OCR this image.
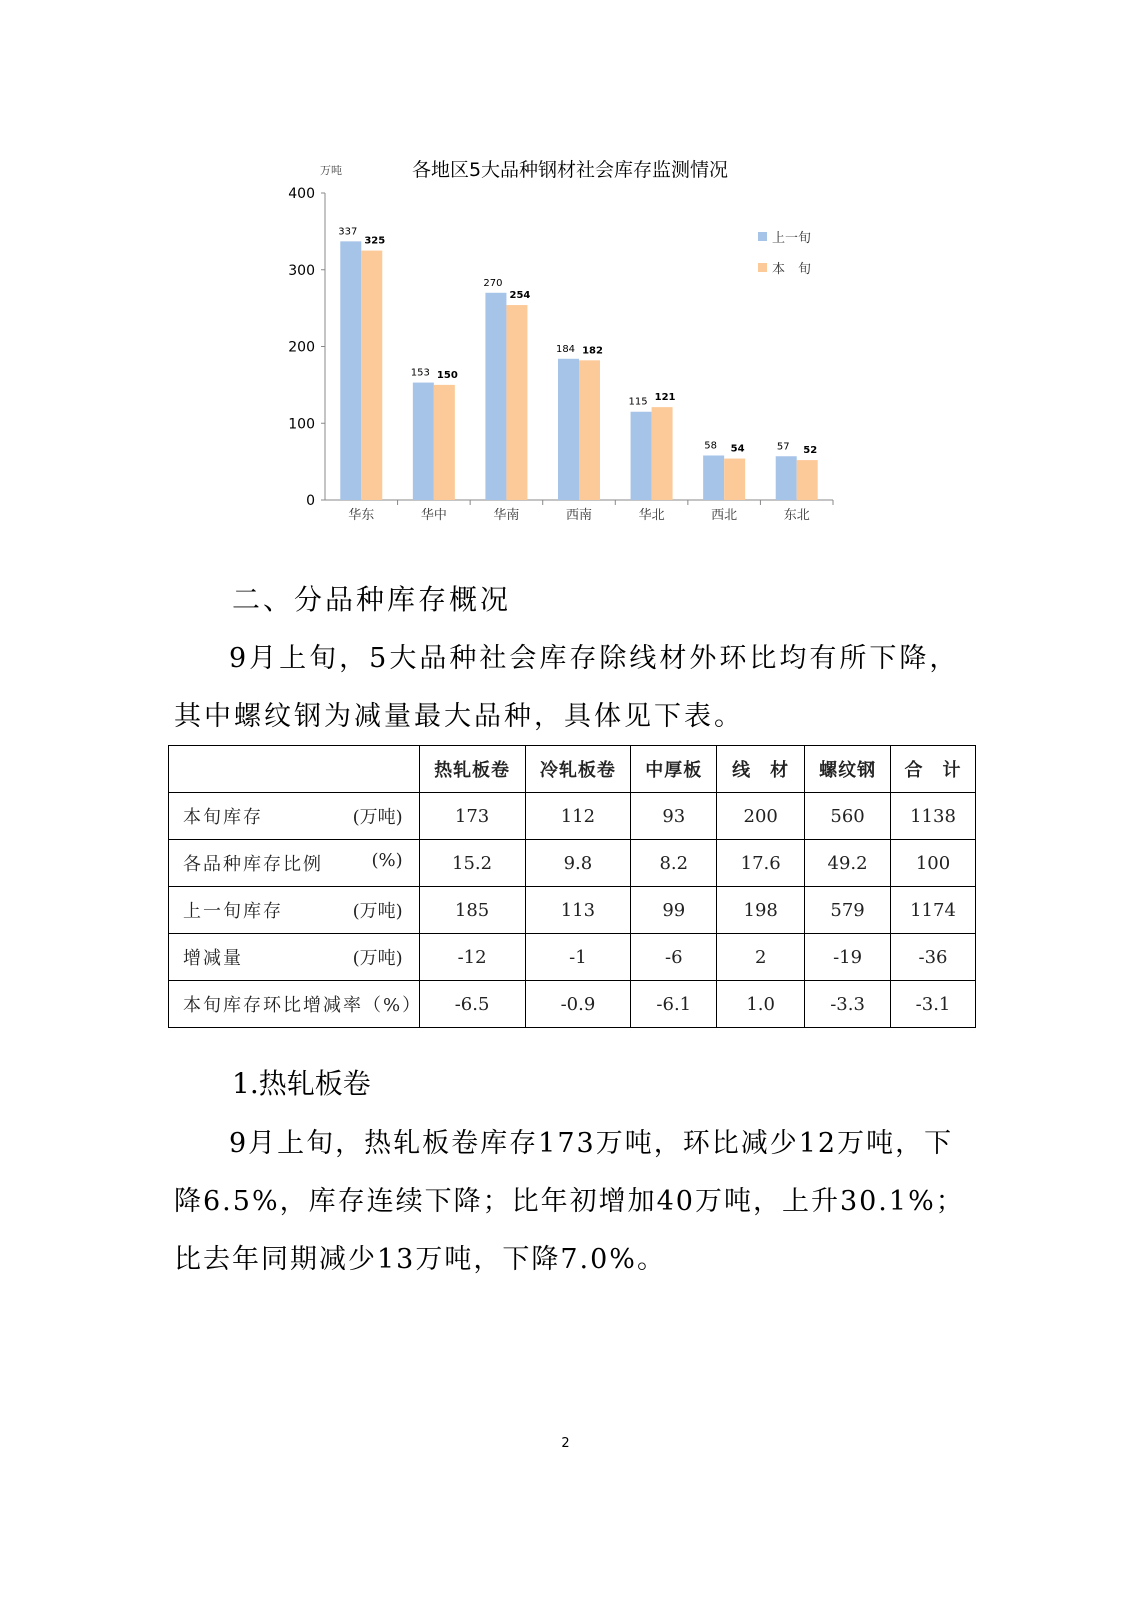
万吨	各地区5大品种钢材社会库存监测情况
0
100
200
300
400
华东	华中	华南	西南	华北	西北	东北
337
325
153 150
270
254
184 182
115 121
58 54	57 52
上一旬
本　旬
二、分品种库存概况
9月上旬，5大品种社会库存除线材外环比均有所下降，其中螺纹钢为减量最大品种，具体见下表。
	热轧板卷	冷轧板卷	中厚板	线　材	螺纹钢	合　计
本旬库存 (万吨)	173	112	93	200	560	1138
各品种库存比例 (%)	15.2	9.8	8.2	17.6	49.2	100
上一旬库存 (万吨)	185	113	99	198	579	1174
增减量 (万吨)	-12	-1	-6	2	-19	-36
本旬库存环比增减率（%）	-6.5	-0.9	-6.1	1.0	-3.3	-3.1
1.热轧板卷
9月上旬，热轧板卷库存173万吨，环比减少12万吨，下降6.5%，库存连续下降；比年初增加40万吨，上升30.1%；比去年同期减少13万吨，下降7.0%。
2
